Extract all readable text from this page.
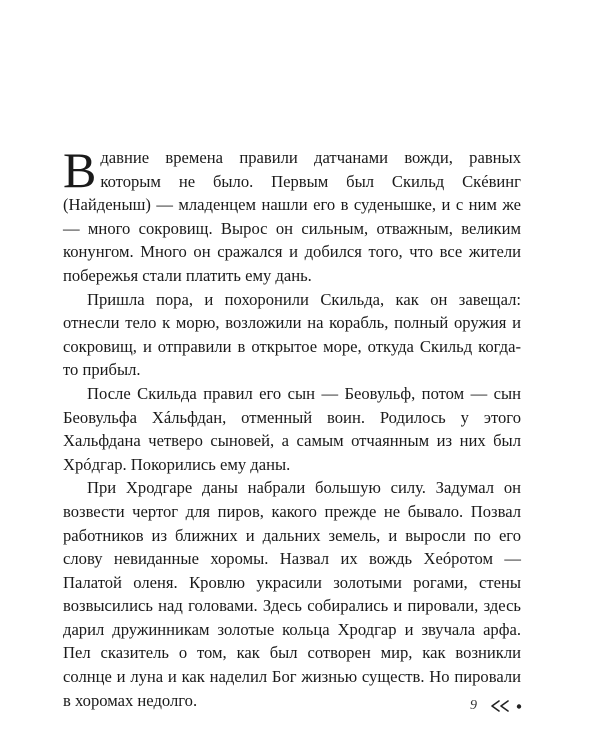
Вдавние времена правили датчанами вожди, равных которым не было. Первым был Скильд Скéвинг (Найденыш) — младенцем нашли его в суденышке, и с ним же — много сокровищ. Вырос он сильным, отважным, великим конунгом. Много он сражался и добился того, что все жители побережья стали платить ему дань.

Пришла пора, и похоронили Скильда, как он завещал: отнесли тело к морю, возложили на корабль, полный оружия и сокровищ, и отправили в открытое море, откуда Скильд когда-то прибыл.

После Скильда правил его сын — Беовульф, потом — сын Беовульфа Хáльфдан, отменный воин. Родилось у этого Хальфдана четверо сыновей, а самым отчаянным из них был Хрóдгар. Покорились ему даны.

При Хродгаре даны набрали большую силу. Задумал он возвести чертог для пиров, какого прежде не бывало. Позвал работников из ближних и дальних земель, и выросли по его слову невиданные хоромы. Назвал их вождь Хеóротом — Палатой оленя. Кровлю украсили золотыми рогами, стены возвысились над головами. Здесь собирались и пировали, здесь дарил дружинникам золотые кольца Хродгар и звучала арфа. Пел сказитель о том, как был сотворен мир, как возникли солнце и луна и как наделил Бог жизнью существ. Но пировали в хоромах недолго.	9
